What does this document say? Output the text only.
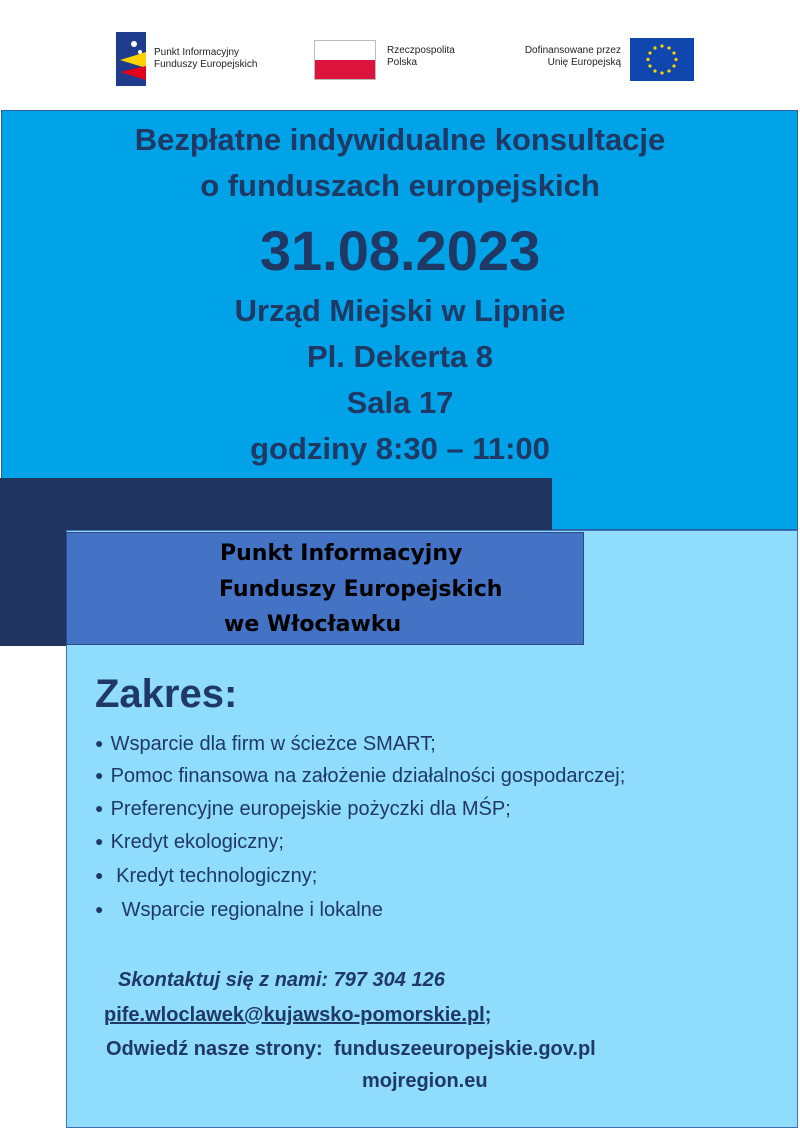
Punkt Informacyjny
Funduszy Europejskich
Rzeczpospolita
Polska
Dofinansowane przez
Unię Europejską
Bezpłatne indywidualne konsultacje
o funduszach europejskich
31.08.2023
Urząd Miejski w Lipnie
Pl. Dekerta 8
Sala 17
godziny 8:30 – 11:00
Punkt Informacyjny
Funduszy Europejskich
we Włocławku
Zakres:
● Wsparcie dla firm w ścieżce SMART;
● Pomoc finansowa na założenie działalności gospodarczej;
● Preferencyjne europejskie pożyczki dla MŚP;
● Kredyt ekologiczny;
● Kredyt technologiczny;
● Wsparcie regionalne i lokalne
Skontaktuj się z nami: 797 304 126
pife.wloclawek@kujawsko-pomorskie.pl;
Odwiedź nasze strony: funduszeeuropejskie.gov.pl
mojregion.eu
